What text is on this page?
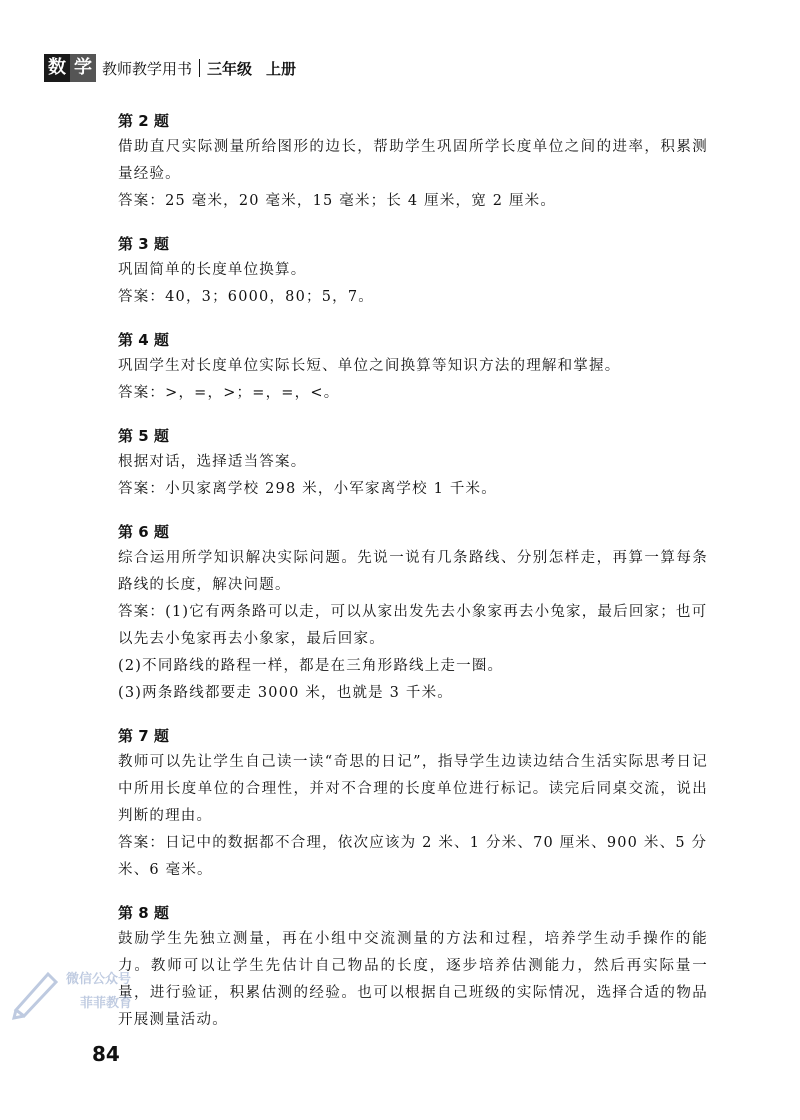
数 学 教师教学用书 三年级 上册

第 2 题

借助直尺实际测量所给图形的边长，帮助学生巩固所学长度单位之间的进率，积累测量经验。

答案：25 毫米，20 毫米，15 毫米；长 4 厘米，宽 2 厘米。

第 3 题

巩固简单的长度单位换算。

答案：40，3；6000，80；5，7。

第 4 题

巩固学生对长度单位实际长短、单位之间换算等知识方法的理解和掌握。

答案：>，=，>；=，=，<。

第 5 题

根据对话，选择适当答案。

答案：小贝家离学校 298 米，小军家离学校 1 千米。

第 6 题

综合运用所学知识解决实际问题。先说一说有几条路线、分别怎样走，再算一算每条路线的长度，解决问题。

答案：(1)它有两条路可以走，可以从家出发先去小象家再去小兔家，最后回家；也可以先去小兔家再去小象家，最后回家。

(2)不同路线的路程一样，都是在三角形路线上走一圈。

(3)两条路线都要走 3000 米，也就是 3 千米。

第 7 题

教师可以先让学生自己读一读“奇思的日记”，指导学生边读边结合生活实际思考日记中所用长度单位的合理性，并对不合理的长度单位进行标记。读完后同桌交流，说出判断的理由。

答案：日记中的数据都不合理，依次应该为 2 米、1 分米、70 厘米、900 米、5 分米、6 毫米。

第 8 题

鼓励学生先独立测量，再在小组中交流测量的方法和过程，培养学生动手操作的能力。教师可以让学生先估计自己物品的长度，逐步培养估测能力，然后再实际量一量，进行验证，积累估测的经验。也可以根据自己班级的实际情况，选择合适的物品开展测量活动。

微信公众号
菲菲教育
84
